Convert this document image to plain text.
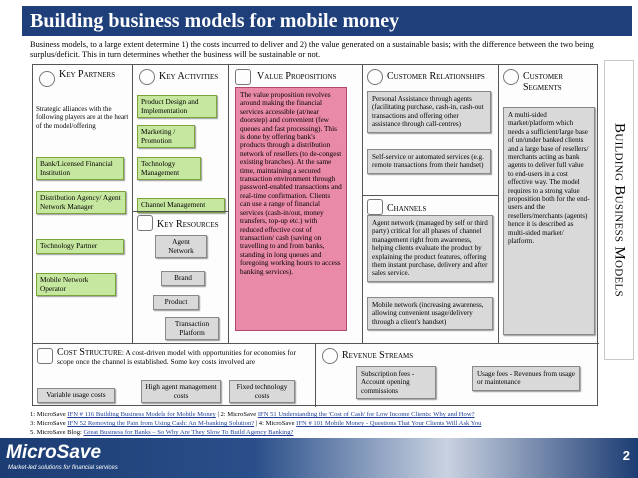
Building business models for mobile money
Business models, to a large extent determine 1) the costs incurred to deliver and 2) the value generated on a sustainable basis; with the difference between the two being surplus/deficit. This in turn determines whether the business will be sustainable or not.
Building Business Models
Key Partners
Strategic alliances with the following players are at the heart of the model/offering
Bank/Licensed Financial Institution
Distribution Agency/ Agent Network Manager
Technology Partner
Mobile Network Operator
Key Activities
Product Design and Implementation
Marketing / Promotion
Technology Management
Channel Management
Key Resources
Agent Network
Brand
Product
Transaction Platform
Value Propositions
The value proposition revolves around making the financial services accessible (at/near doorstep) and convenient (few queues and fast processing). This is done by offering bank's products through a distribution network of resellers (to de-congest existing branches). At the same time, maintaining a secured transaction environment through password-enabled transactions and real-time confirmation. Clients can use a range of financial services (cash-in/out, money transfers, top-up etc.) with reduced effective cost of transaction/ cash (saving on travelling to and from banks, standing in long queues and foregoing working hours to access banking services).
Customer Relationships
Personal Assistance through agents (facilitating purchase, cash-in, cash-out transactions and offering other assistance through call-centres)
Self-service or automated services (e.g. remote transactions from their handset)
Channels
Agent network (managed by self or third party) critical for all phases of channel management right from awareness, helping clients evaluate the product by explaining the product features, offering them instant purchase, delivery and after sales service.
Mobile network (increasing awareness, allowing convenient usage/delivery through a client's handset)
Customer Segments
A multi-sided market/platform which needs a sufficient/large base of un/under banked clients and a large base of resellers/ merchants acting as bank agents to deliver full value to end-users in a cost effective way. The model requires to a strong value proposition both for the end-users and the resellers/merchants (agents) hence it is described as multi-sided market/ platform.
Cost Structure: A cost-driven model with opportunities for economies for scope once the channel is established. Some key costs involved are
Variable usage costs
High agent management costs
Fixed technology costs
Revenue Streams
Subscription fees - Account opening commissions
Usage fees - Revenues from usage or maintenance
1: MicroSave IFN # 116 Building Business Models for Mobile Money | 2: MicroSave IFN 51 Understanding the 'Cost of Cash' for Low Income Clients: Why and How?
3: MicroSave IFN 52 Removing the Pain from Using Cash: An M-banking Solution? | 4: MicroSave IFN # 101 Mobile Money - Questions That Your Clients Will Ask You
5. MicroSave Blog: Great Business for Banks – So Why Are They Slow To Build Agency Banking?
MicroSave
Market-led solutions for financial services
2
